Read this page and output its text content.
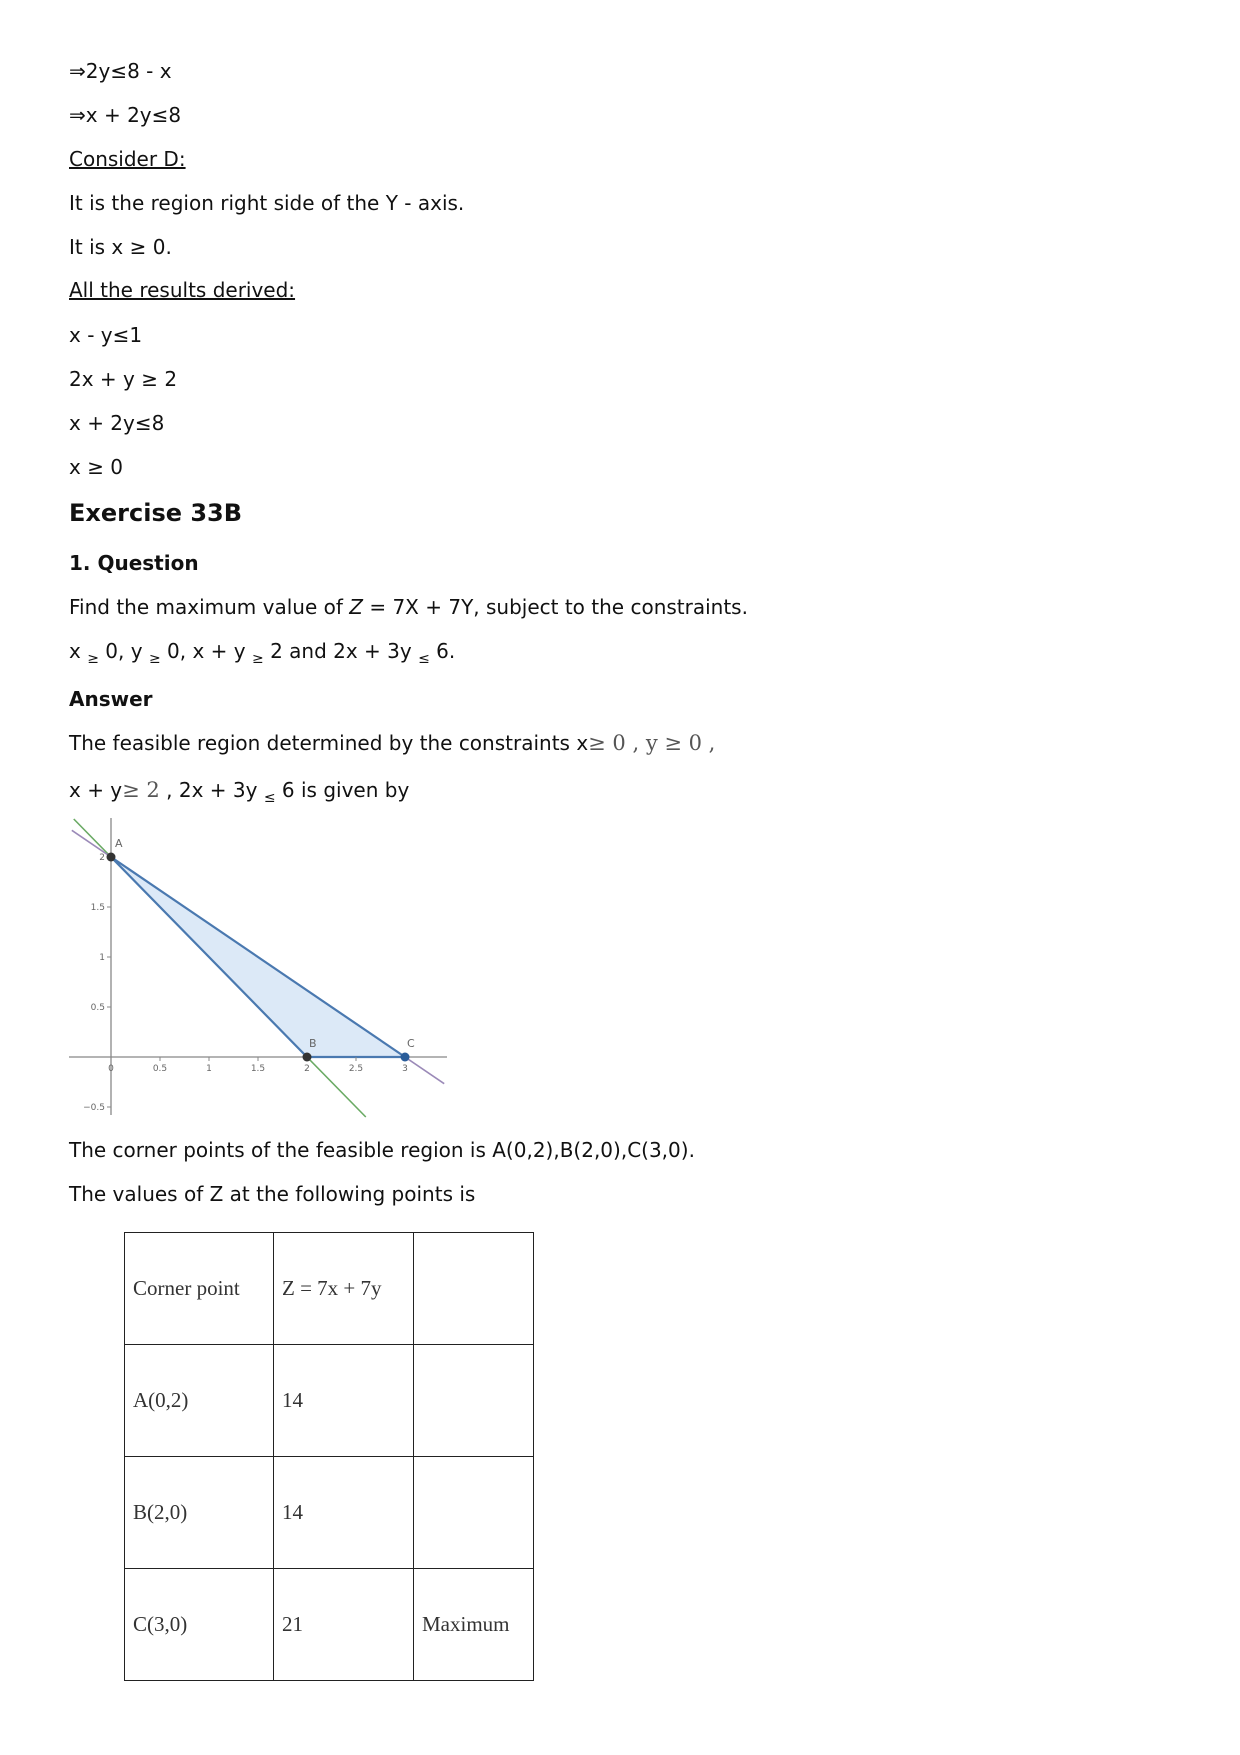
⇒2y≤8 - x
⇒x + 2y≤8
Consider D:
It is the region right side of the Y - axis.
It is x ≥ 0.
All the results derived:
x - y≤1
2x + y ≥ 2
x + 2y≤8
x ≥ 0
Exercise 33B
1. Question
Find the maximum value of Z = 7X + 7Y, subject to the constraints.
x $_\ge$ 0, y $_\ge$ 0, x + y $_\ge$ 2 and 2x + 3y $_\le$ 6.
Answer
The feasible region determined by the constraints x≥ 0 , y ≥ 0 ,
x + y≥ 2 , 2x + 3y $_\le$ 6 is given by
0	0.5	1	1.5	2	2.5	3
2
1.5
1
0.5
−0.5
A
B	C
The corner points of the feasible region is A(0,2),B(2,0),C(3,0).
The values of Z at the following points is
Corner point	Z = 7x + 7y	
A(0,2)	14	
B(2,0)	14	
C(3,0)	21	Maximum
